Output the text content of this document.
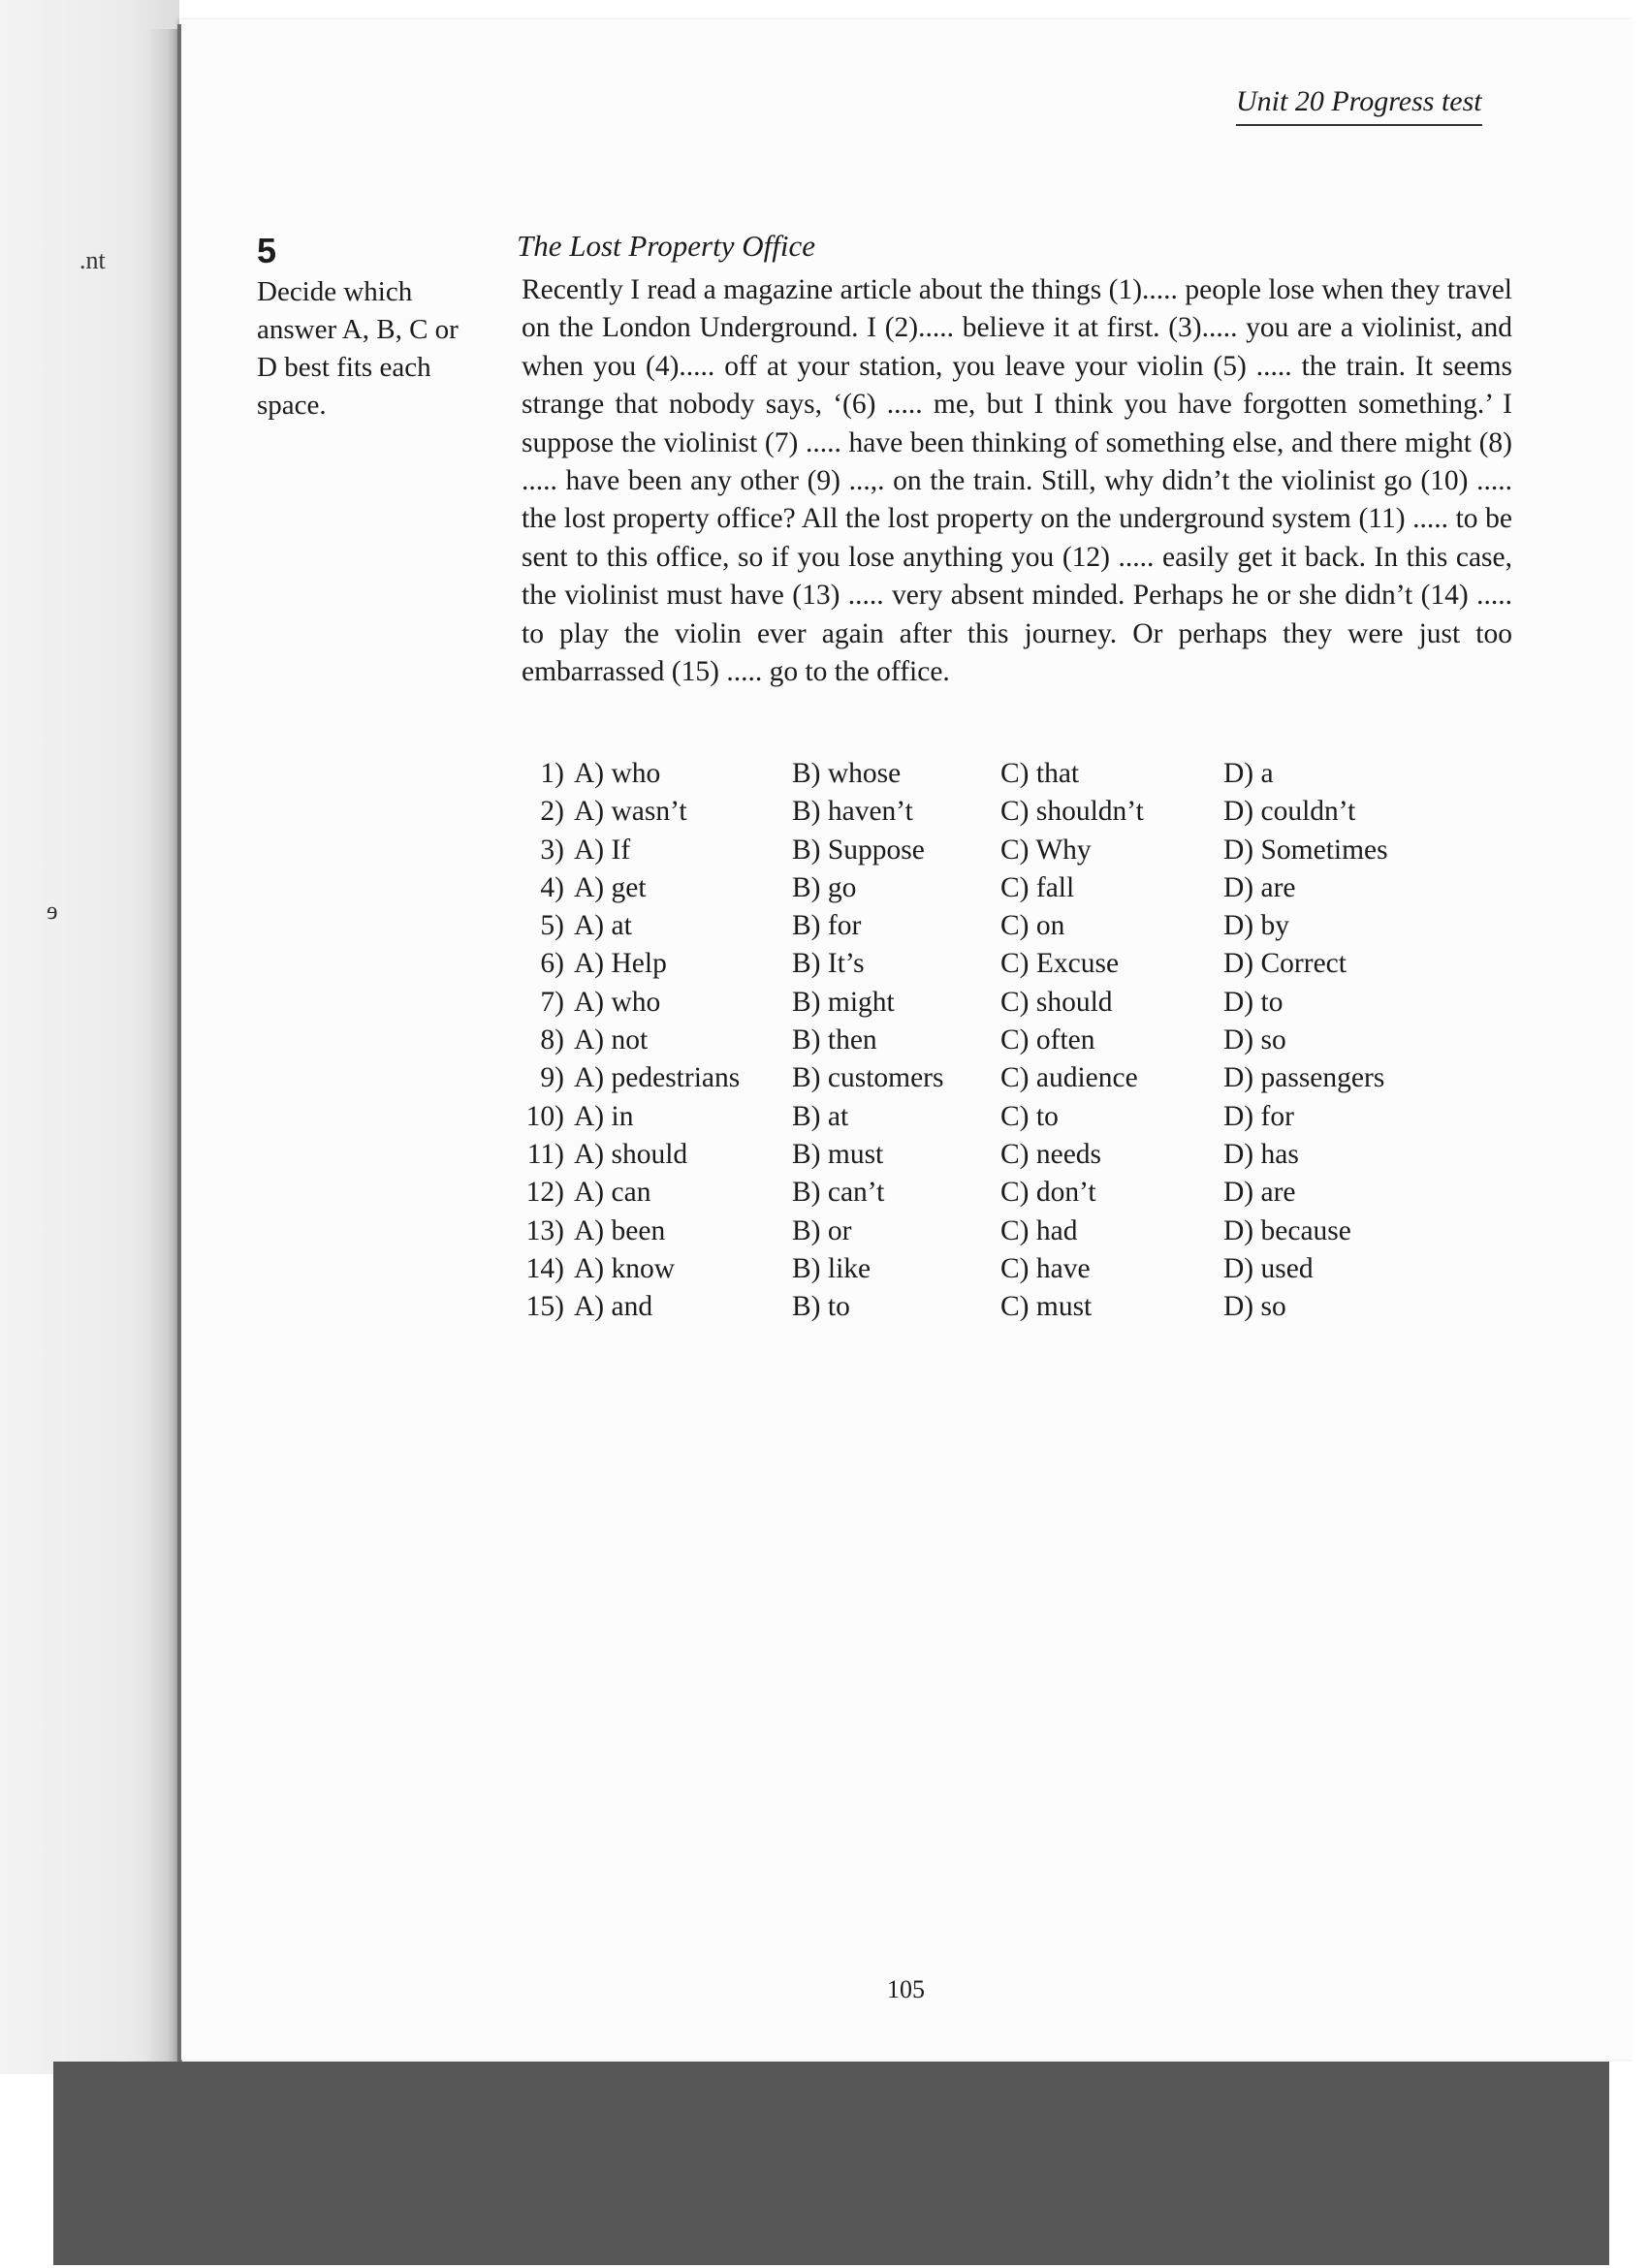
.nt
ɘ
Unit 20 Progress test
5
Decide which answer A, B, C or D best fits each space.
The Lost Property Office
Recently I read a magazine article about the things (1)..... people lose when they travel on the London Underground. I (2)..... believe it at first. (3)..... you are a violinist, and when you (4)..... off at your station, you leave your violin (5) ..... the train. It seems strange that nobody says, ‘(6) ..... me, but I think you have forgotten something.’ I suppose the violinist (7) ..... have been thinking of something else, and there might (8) ..... have been any other (9) ...,. on the train. Still, why didn’t the violinist go (10) ..... the lost property office? All the lost property on the underground system (11) ..... to be sent to this office, so if you lose anything you (12) ..... easily get it back. In this case, the violinist must have (13) ..... very absent minded. Perhaps he or she didn’t (14) ..... to play the violin ever again after this journey. Or perhaps they were just too embarrassed (15) ..... go to the office.
1) A) who	B) whose	C) that	D) a
2) A) wasn’t	B) haven’t	C) shouldn’t	D) couldn’t
3) A) If	B) Suppose	C) Why	D) Sometimes
4) A) get	B) go	C) fall	D) are
5) A) at	B) for	C) on	D) by
6) A) Help	B) It’s	C) Excuse	D) Correct
7) A) who	B) might	C) should	D) to
8) A) not	B) then	C) often	D) so
9) A) pedestrians B) customers C) audience	D) passengers
10) A) in	B) at	C) to	D) for
11) A) should	B) must	C) needs	D) has
12) A) can	B) can’t	C) don’t	D) are
13) A) been	B) or	C) had	D) because
14) A) know	B) like	C) have	D) used
15) A) and	B) to	C) must	D) so
105
